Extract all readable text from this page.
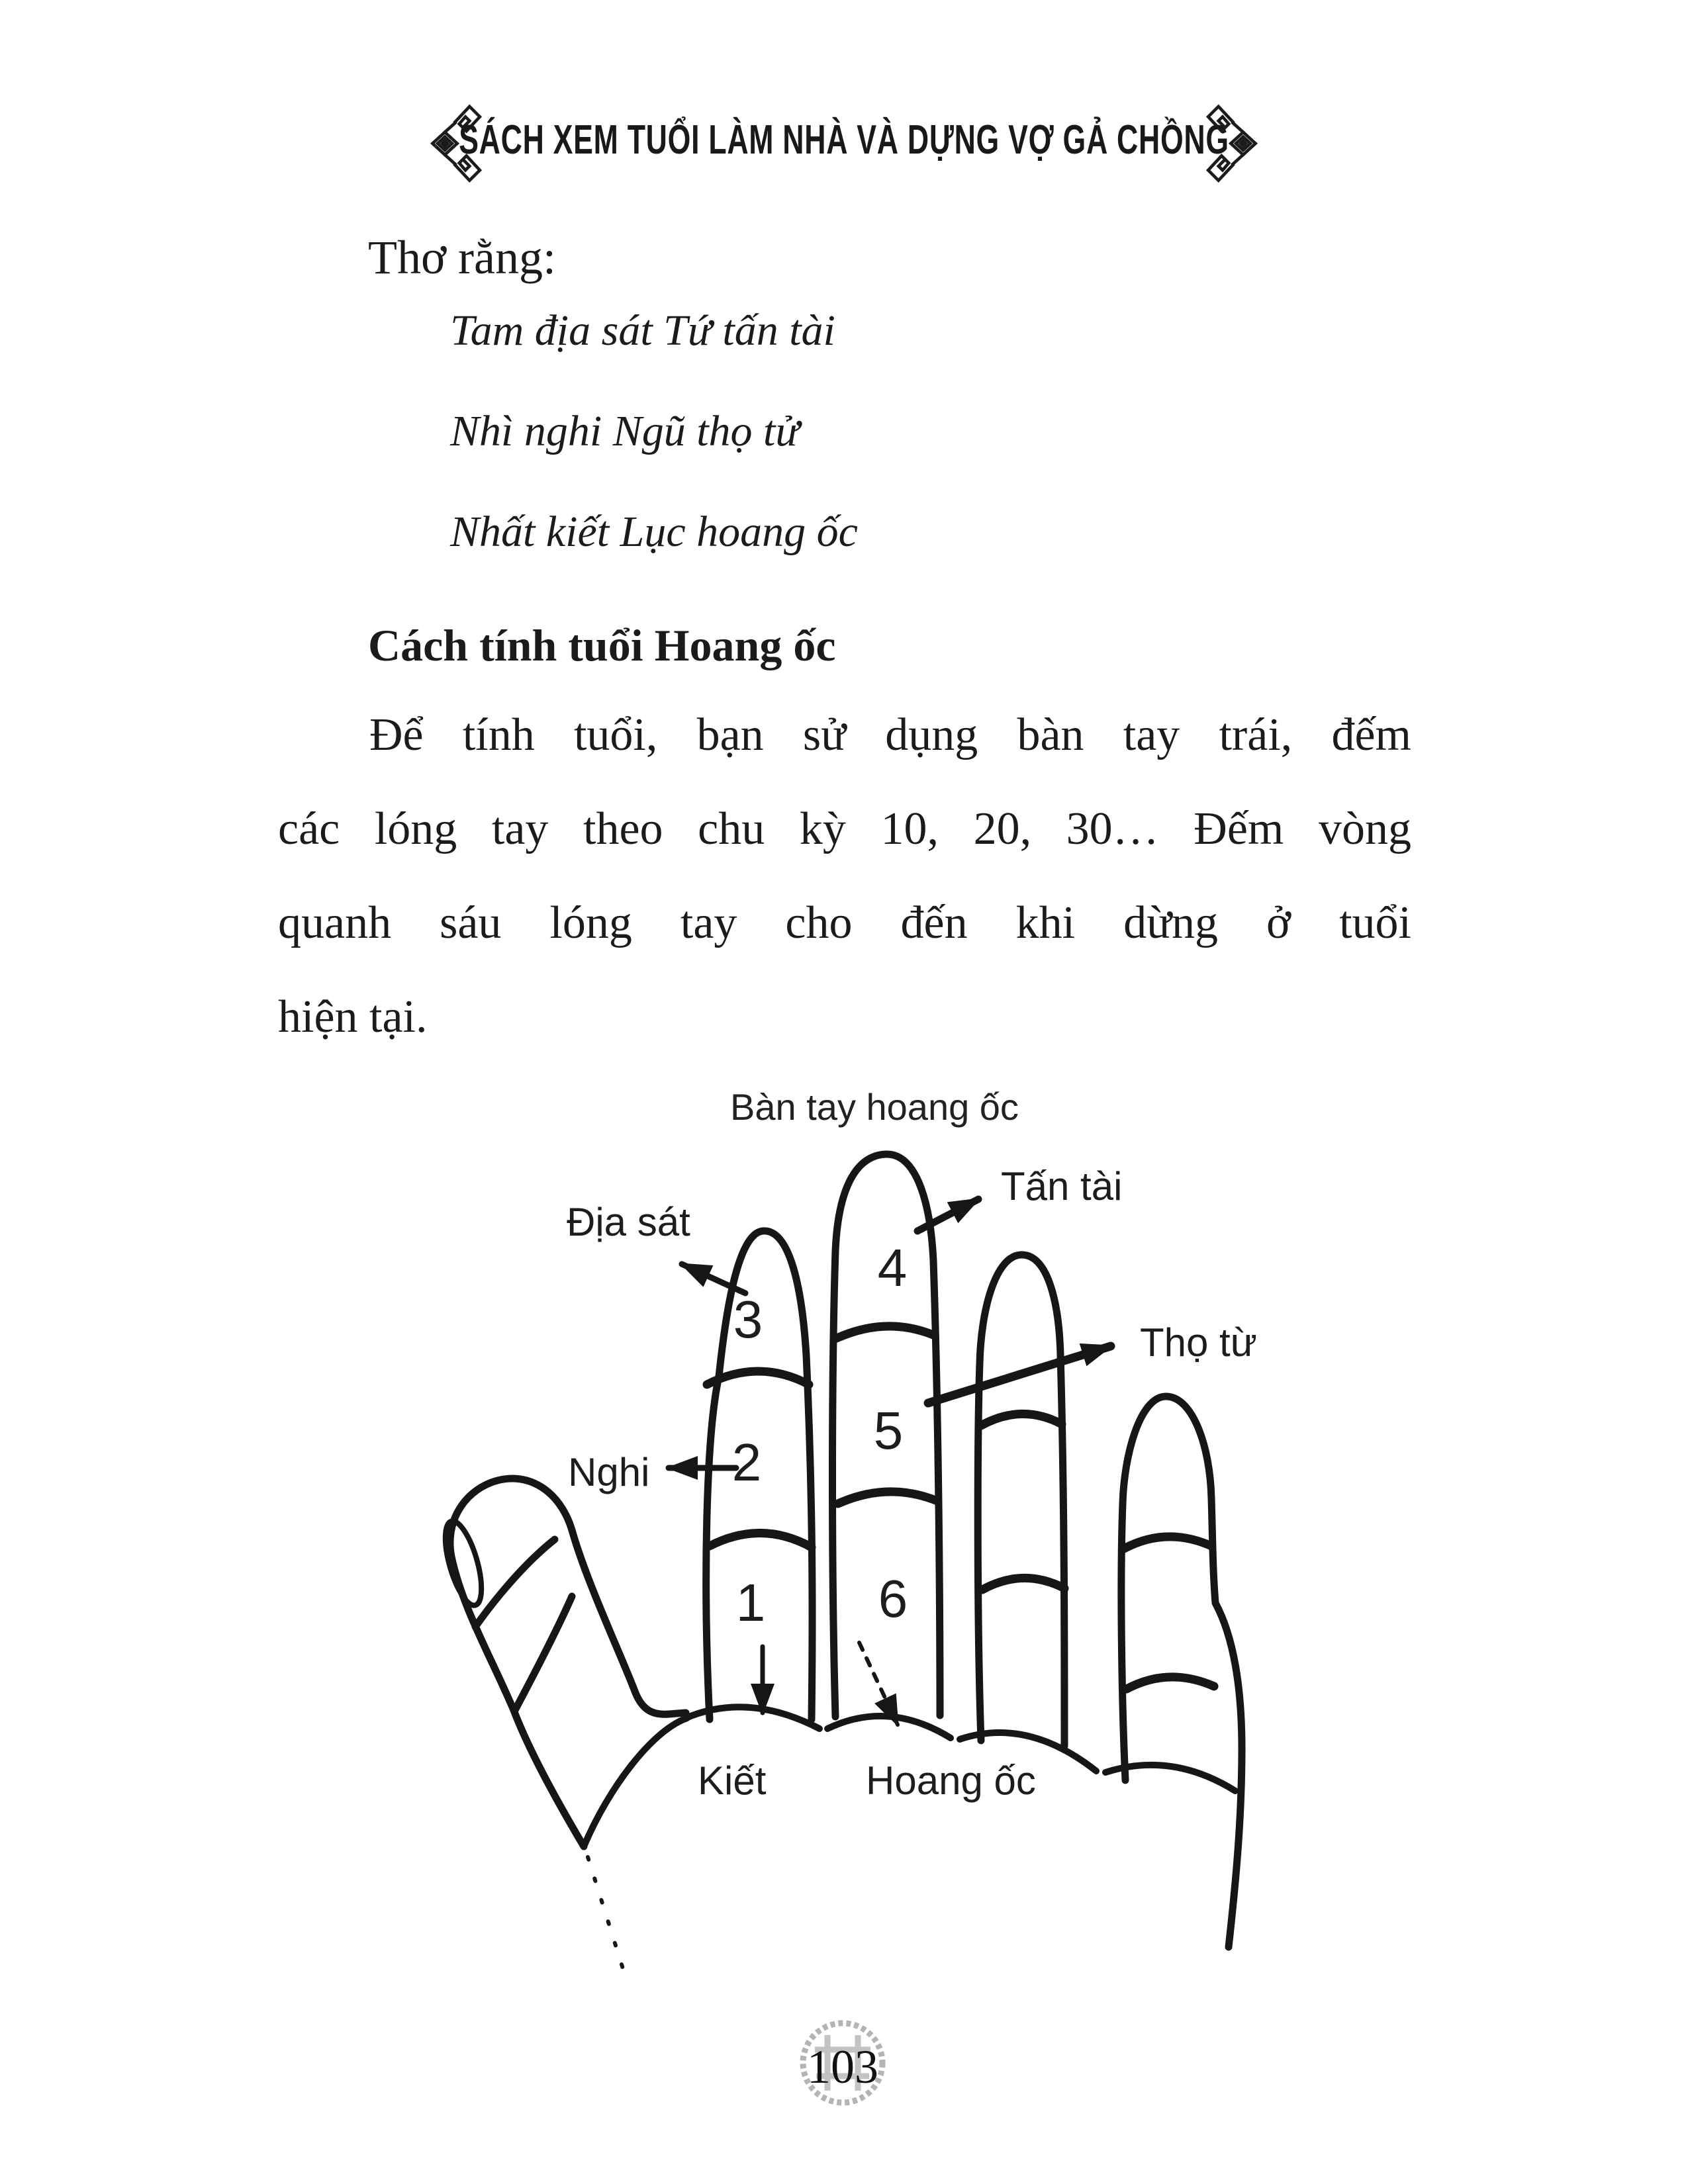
SÁCH XEM TUỔI LÀM NHÀ VÀ DỰNG VỢ GẢ CHỒNG
Thơ rằng:
Tam địa sát Tứ tấn tài
Nhì nghi Ngũ thọ tử
Nhất kiết Lục hoang ốc
Cách tính tuổi Hoang ốc
Để tính tuổi, bạn sử dụng bàn tay trái, đếm
các lóng tay theo chu kỳ 10, 20, 30… Đếm vòng
quanh sáu lóng tay cho đến khi dừng ở tuổi
hiện tại.
Bàn tay hoang ốc
Địa sát
Tấn tài
Thọ từ
Nghi
Kiết	Hoang ốc
3
4
2
5
1 6
103
